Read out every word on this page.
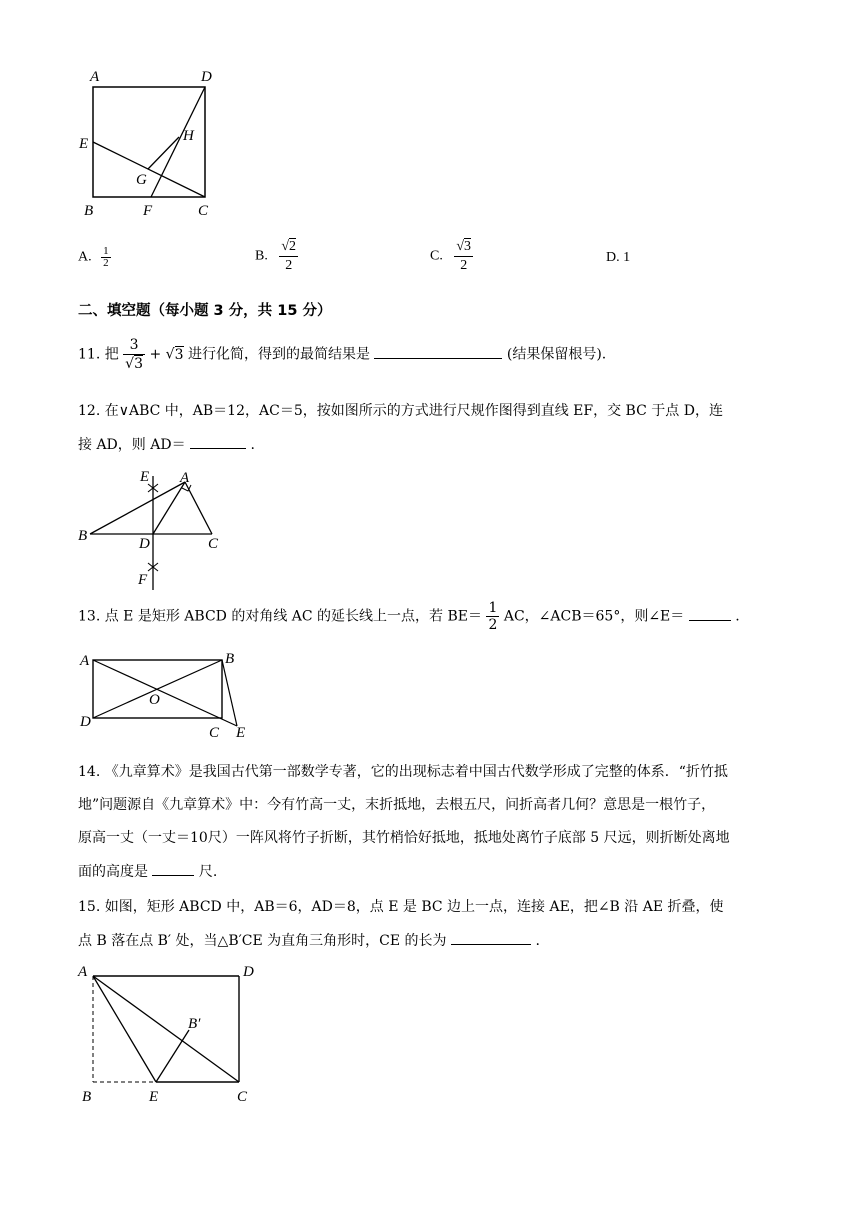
A	D
E	H
G
B	F	C
A. $\frac{1}{2}$	B. $\frac{√2}{2}$	C. $\frac{√3}{2}$	D. 1
二、填空题（每小题 3 分，共 15 分）
11. 把 $\frac{3}{√3} + √3$ 进行化简，得到的最简结果是	(结果保留根号).
12. 在∨ABC 中，AB＝12，AC＝5，按如图所示的方式进行尺规作图得到直线 EF，交 BC 于点 D，连
接 AD，则 AD＝	.
E A
B	D	C
F
13. 点 E 是矩形 ABCD 的对角线 AC 的延长线上一点，若 $BE= \frac{1}{2}$ AC，∠ACB＝65°，则∠E＝	.
A	B
O
D
C E
14. 《九章算术》是我国古代第一部数学专著，它的出现标志着中国古代数学形成了完整的体系．“折竹抵
地”问题源自《九章算术》中：今有竹高一丈，末折抵地，去根五尺，问折高者几何？意思是一根竹子，
原高一丈（一丈＝10尺）一阵风将竹子折断，其竹梢恰好抵地，抵地处离竹子底部 5 尺远，则折断处离地
面的高度是	尺.
15. 如图，矩形 ABCD 中，AB＝6，AD＝8，点 E 是 BC 边上一点，连接 AE，把∠B 沿 AE 折叠，使
点 B 落在点 B′ 处，当△B′CE 为直角三角形时，CE 的长为	.
A	D
B′
B	E	C
